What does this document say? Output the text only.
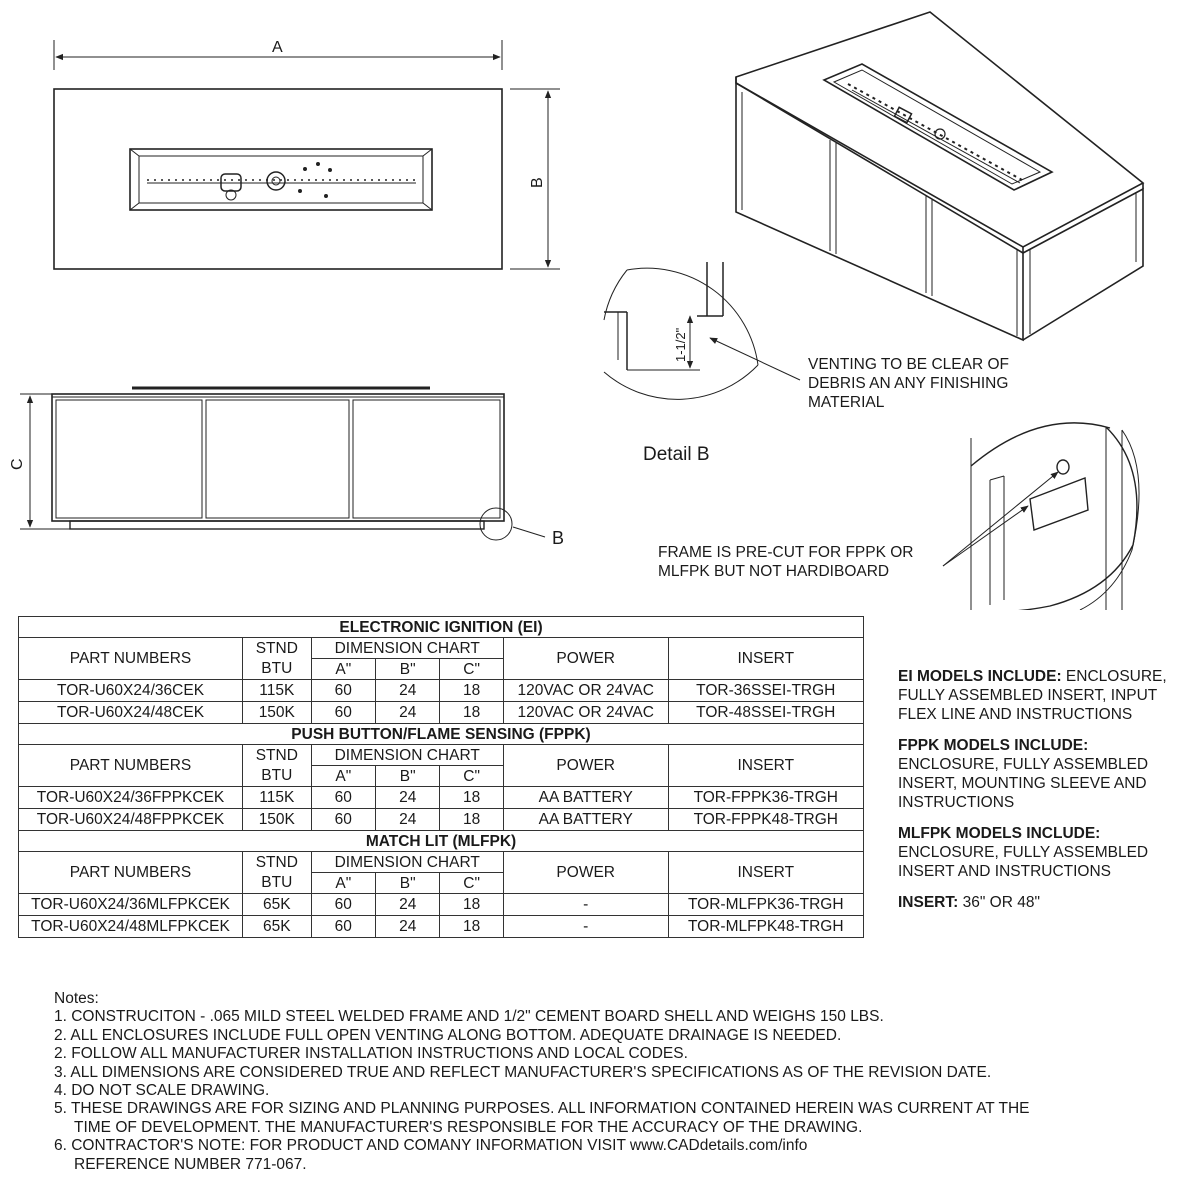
A
B
C
B
Detail B
1-1/2"
VENTING TO BE CLEAR OF
DEBRIS AN ANY FINISHING
MATERIAL
FRAME IS PRE-CUT FOR FPPK OR
MLFPK BUT NOT HARDIBOARD
ELECTRONIC IGNITION (EI)						
PART NUMBERS	STND	DIMENSION CHART			POWER	INSERT
	BTU	A"	B"	C"		
TOR-U60X24/36CEK	115K	60	24	18	120VAC OR 24VAC	TOR-36SSEI-TRGH
TOR-U60X24/48CEK	150K	60	24	18	120VAC OR 24VAC	TOR-48SSEI-TRGH
PUSH BUTTON/FLAME SENSING (FPPK)						
PART NUMBERS	STND	DIMENSION CHART			POWER	INSERT
	BTU	A"	B"	C"		
TOR-U60X24/36FPPKCEK	115K	60	24	18	AA BATTERY	TOR-FPPK36-TRGH
TOR-U60X24/48FPPKCEK	150K	60	24	18	AA BATTERY	TOR-FPPK48-TRGH
MATCH LIT (MLFPK)						
PART NUMBERS	STND	DIMENSION CHART			POWER	INSERT
	BTU	A"	B"	C"		
TOR-U60X24/36MLFPKCEK	65K	60	24	18	-	TOR-MLFPK36-TRGH
TOR-U60X24/48MLFPKCEK	65K	60	24	18	-	TOR-MLFPK48-TRGH
EI MODELS INCLUDE: ENCLOSURE, FULLY ASSEMBLED INSERT, INPUT FLEX LINE AND INSTRUCTIONS
FPPK MODELS INCLUDE:
ENCLOSURE, FULLY ASSEMBLED INSERT, MOUNTING SLEEVE AND INSTRUCTIONS
MLFPK MODELS INCLUDE:
ENCLOSURE, FULLY ASSEMBLED INSERT AND INSTRUCTIONS
INSERT: 36" OR 48"
Notes:
1. CONSTRUCITON - .065 MILD STEEL WELDED FRAME AND 1/2" CEMENT BOARD SHELL AND WEIGHS 150 LBS.
2. ALL ENCLOSURES INCLUDE FULL OPEN VENTING ALONG BOTTOM. ADEQUATE DRAINAGE IS NEEDED.
2. FOLLOW ALL MANUFACTURER INSTALLATION INSTRUCTIONS AND LOCAL CODES.
3. ALL DIMENSIONS ARE CONSIDERED TRUE AND REFLECT MANUFACTURER'S SPECIFICATIONS AS OF THE REVISION DATE.
4. DO NOT SCALE DRAWING.
5. THESE DRAWINGS ARE FOR SIZING AND PLANNING PURPOSES. ALL INFORMATION CONTAINED HEREIN WAS CURRENT AT THE
TIME OF DEVELOPMENT. THE MANUFACTURER'S RESPONSIBLE FOR THE ACCURACY OF THE DRAWING.
6. CONTRACTOR'S NOTE: FOR PRODUCT AND COMANY INFORMATION VISIT www.CADdetails.com/info
REFERENCE NUMBER 771-067.
